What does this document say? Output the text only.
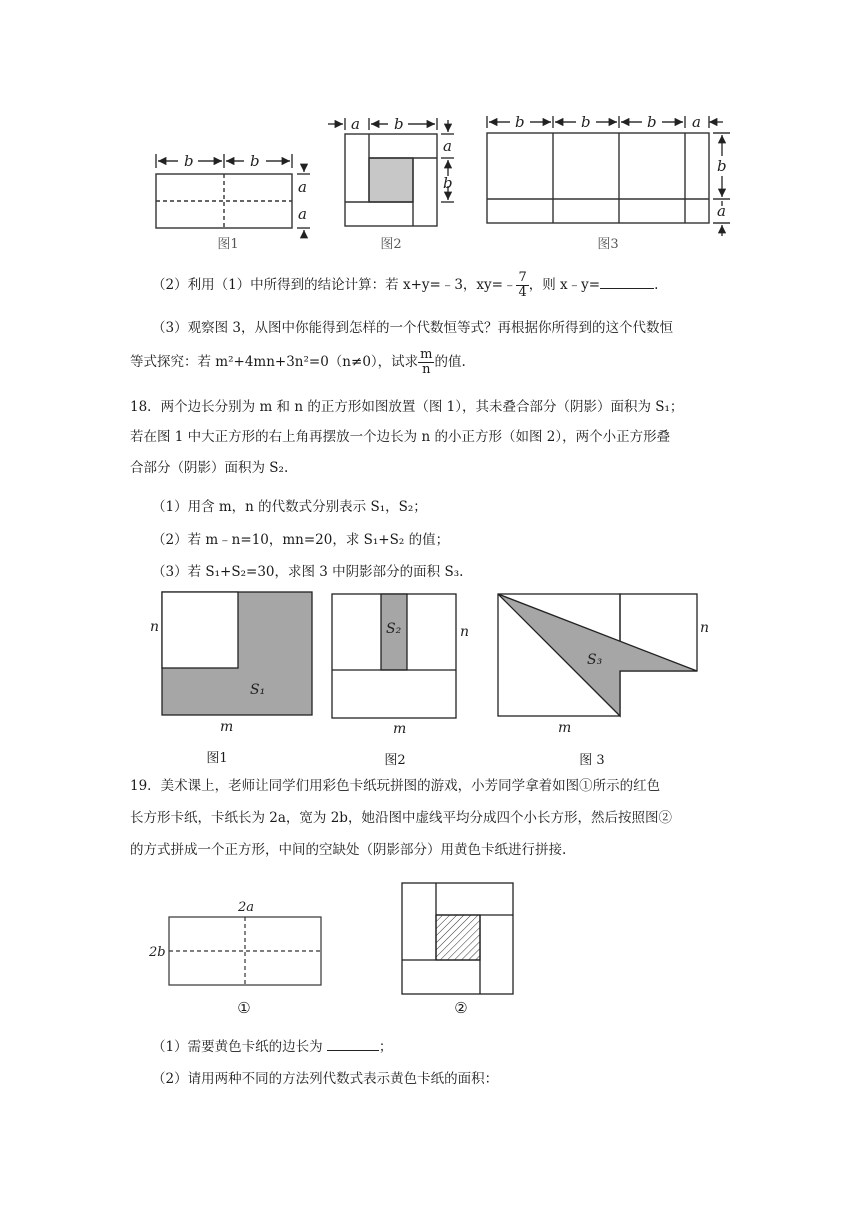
b	b
a
a
a b
a
b
b	b	b a
b
a
图1	图2	图3
（2）利用（1）中所得到的结论计算：若 x+y=﹣3，xy=﹣ $\frac{7}{4}$ ，则 x﹣y=	.
（3）观察图 3，从图中你能得到怎样的一个代数恒等式？再根据你所得到的这个代数恒
等式探究：若 m²+4mn+3n²=0（n≠0），试求 $\frac{m}{n}$ 的值.
18．两个边长分别为 m 和 n 的正方形如图放置（图 1），其未叠合部分（阴影）面积为 S₁；
若在图 1 中大正方形的右上角再摆放一个边长为 n 的小正方形（如图 2），两个小正方形叠
合部分（阴影）面积为 S₂.
（1）用含 m，n 的代数式分别表示 S₁，S₂；
（2）若 m﹣n=10，mn=20，求 S₁+S₂ 的值；
（3）若 S₁+S₂=30，求图 3 中阴影部分的面积 S₃.
n
m
S₁
n
m
S₂	n
m
S₃
图1	图2	图 3
19．美术课上，老师让同学们用彩色卡纸玩拼图的游戏，小芳同学拿着如图①所示的红色
长方形卡纸，卡纸长为 2a，宽为 2b，她沿图中虚线平均分成四个小长方形，然后按照图②
的方式拼成一个正方形，中间的空缺处（阴影部分）用黄色卡纸进行拼接.
2a
2b
①	②
（1）需要黄色卡纸的边长为	；
（2）请用两种不同的方法列代数式表示黄色卡纸的面积：
